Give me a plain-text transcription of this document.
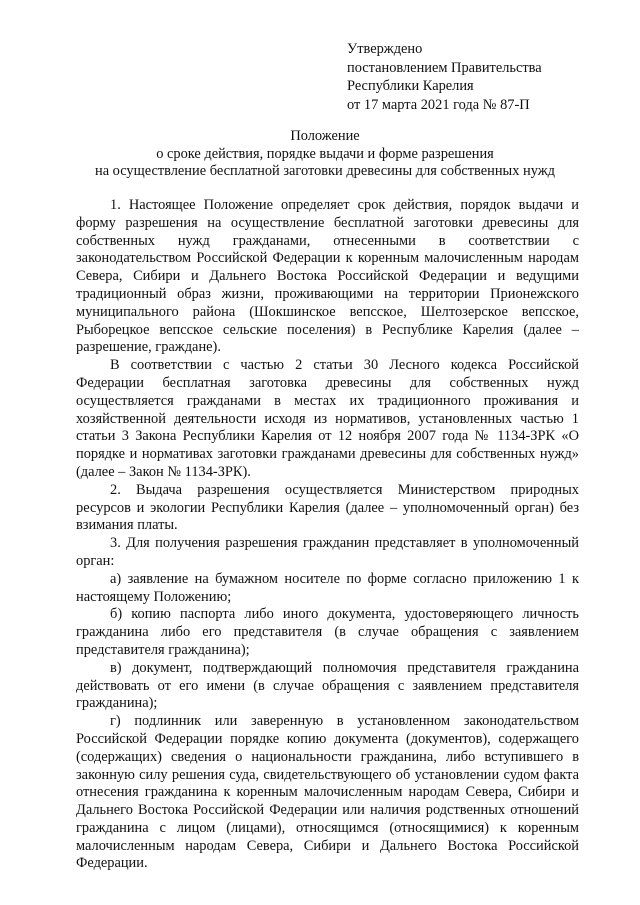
Утверждено
постановлением Правительства
Республики Карелия
от 17 марта 2021 года № 87-П
Положение
о сроке действия, порядке выдачи и форме разрешения
на осуществление бесплатной заготовки древесины для собственных нужд

1. Настоящее Положение определяет срок действия, порядок выдачи и форму разрешения на осуществление бесплатной заготовки древесины для собственных нужд гражданами, отнесенными в соответствии с законодательством Российской Федерации к коренным малочисленным народам Севера, Сибири и Дальнего Востока Российской Федерации и ведущими традиционный образ жизни, проживающими на территории Прионежского муниципального района (Шокшинское вепсское, Шелтозерское вепсское, Рыборецкое вепсское сельские поселения) в Республике Карелия (далее – разрешение, граждане).

В соответствии с частью 2 статьи 30 Лесного кодекса Российской Федерации бесплатная заготовка древесины для собственных нужд осуществляется гражданами в местах их традиционного проживания и хозяйственной деятельности исходя из нормативов, установленных частью 1 статьи 3 Закона Республики Карелия от 12 ноября 2007 года № 1134-ЗРК «О порядке и нормативах заготовки гражданами древесины для собственных нужд» (далее – Закон № 1134-ЗРК).

2. Выдача разрешения осуществляется Министерством природных ресурсов и экологии Республики Карелия (далее – уполномоченный орган) без взимания платы.

3. Для получения разрешения гражданин представляет в уполномоченный орган:

а) заявление на бумажном носителе по форме согласно приложению 1 к настоящему Положению;

б) копию паспорта либо иного документа, удостоверяющего личность гражданина либо его представителя (в случае обращения с заявлением представителя гражданина);

в) документ, подтверждающий полномочия представителя гражданина действовать от его имени (в случае обращения с заявлением представителя гражданина);

г) подлинник или заверенную в установленном законодательством Российской Федерации порядке копию документа (документов), содержащего (содержащих) сведения о национальности гражданина, либо вступившего в законную силу решения суда, свидетельствующего об установлении судом факта отнесения гражданина к коренным малочисленным народам Севера, Сибири и Дальнего Востока Российской Федерации или наличия родственных отношений гражданина с лицом (лицами), относящимся (относящимися) к коренным малочисленным народам Севера, Сибири и Дальнего Востока Российской Федерации.
